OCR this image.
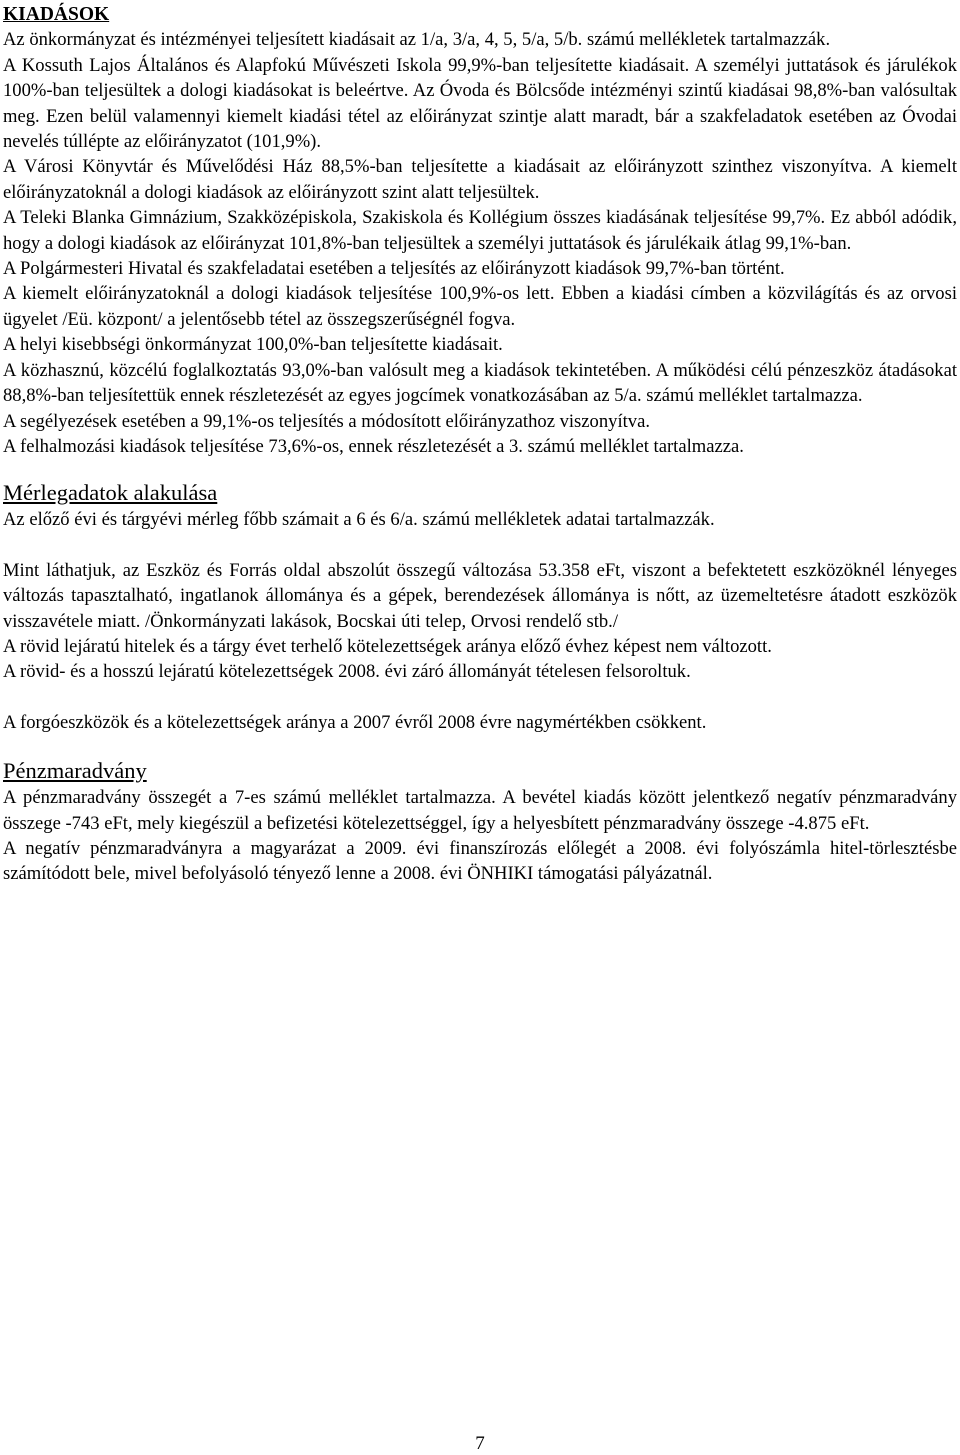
KIADÁSOK

Az önkormányzat és intézményei teljesített kiadásait az 1/a, 3/a, 4, 5, 5/a, 5/b. számú mellékletek tartalmazzák.

A Kossuth Lajos Általános és Alapfokú Művészeti Iskola 99,9%-ban teljesítette kiadásait. A személyi juttatások és járulékok 100%-ban teljesültek a dologi kiadásokat is beleértve. Az Óvoda és Bölcsőde intézményi szintű kiadásai 98,8%-ban valósultak meg. Ezen belül valamennyi kiemelt kiadási tétel az előirányzat szintje alatt maradt, bár a szakfeladatok esetében az Óvodai nevelés túllépte az előirányzatot (101,9%).

A Városi Könyvtár és Művelődési Ház 88,5%-ban teljesítette a kiadásait az előirányzott szinthez viszonyítva. A kiemelt előirányzatoknál a dologi kiadások az előirányzott szint alatt teljesültek.

A Teleki Blanka Gimnázium, Szakközépiskola, Szakiskola és Kollégium összes kiadásának teljesítése 99,7%. Ez abból adódik, hogy a dologi kiadások az előirányzat 101,8%-ban teljesültek a személyi juttatások és járulékaik átlag 99,1%-ban.

A Polgármesteri Hivatal és szakfeladatai esetében a teljesítés az előirányzott kiadások 99,7%-ban történt.

A kiemelt előirányzatoknál a dologi kiadások teljesítése 100,9%-os lett. Ebben a kiadási címben a közvilágítás és az orvosi ügyelet /Eü. központ/ a jelentősebb tétel az összegszerűségnél fogva.

A helyi kisebbségi önkormányzat 100,0%-ban teljesítette kiadásait.

A közhasznú, közcélú foglalkoztatás 93,0%-ban valósult meg a kiadások tekintetében. A működési célú pénzeszköz átadásokat 88,8%-ban teljesítettük ennek részletezését az egyes jogcímek vonatkozásában az 5/a. számú melléklet tartalmazza.

A segélyezések esetében a 99,1%-os teljesítés a módosított előirányzathoz viszonyítva.

A felhalmozási kiadások teljesítése 73,6%-os, ennek részletezését a 3. számú melléklet tartalmazza.

Mérlegadatok alakulása

Az előző évi és tárgyévi mérleg főbb számait a 6 és 6/a. számú mellékletek adatai tartalmazzák.

Mint láthatjuk, az Eszköz és Forrás oldal abszolút összegű változása 53.358 eFt, viszont a befektetett eszközöknél lényeges változás tapasztalható, ingatlanok állománya és a gépek, berendezések állománya is nőtt, az üzemeltetésre átadott eszközök visszavétele miatt. /Önkormányzati lakások, Bocskai úti telep, Orvosi rendelő stb./

A rövid lejáratú hitelek és a tárgy évet terhelő kötelezettségek aránya előző évhez képest nem változott.

A rövid- és a hosszú lejáratú kötelezettségek 2008. évi záró állományát tételesen felsoroltuk.

A forgóeszközök és a kötelezettségek aránya a 2007 évről 2008 évre nagymértékben csökkent.

Pénzmaradvány

A pénzmaradvány összegét a 7-es számú melléklet tartalmazza. A bevétel kiadás között jelentkező negatív pénzmaradvány összege -743 eFt, mely kiegészül a befizetési kötelezettséggel, így a helyesbített pénzmaradvány összege -4.875 eFt.

A negatív pénzmaradványra a magyarázat a 2009. évi finanszírozás előlegét a 2008. évi folyószámla hitel-törlesztésbe számítódott bele, mivel befolyásoló tényező lenne a 2008. évi ÖNHIKI támogatási pályázatnál.

7
